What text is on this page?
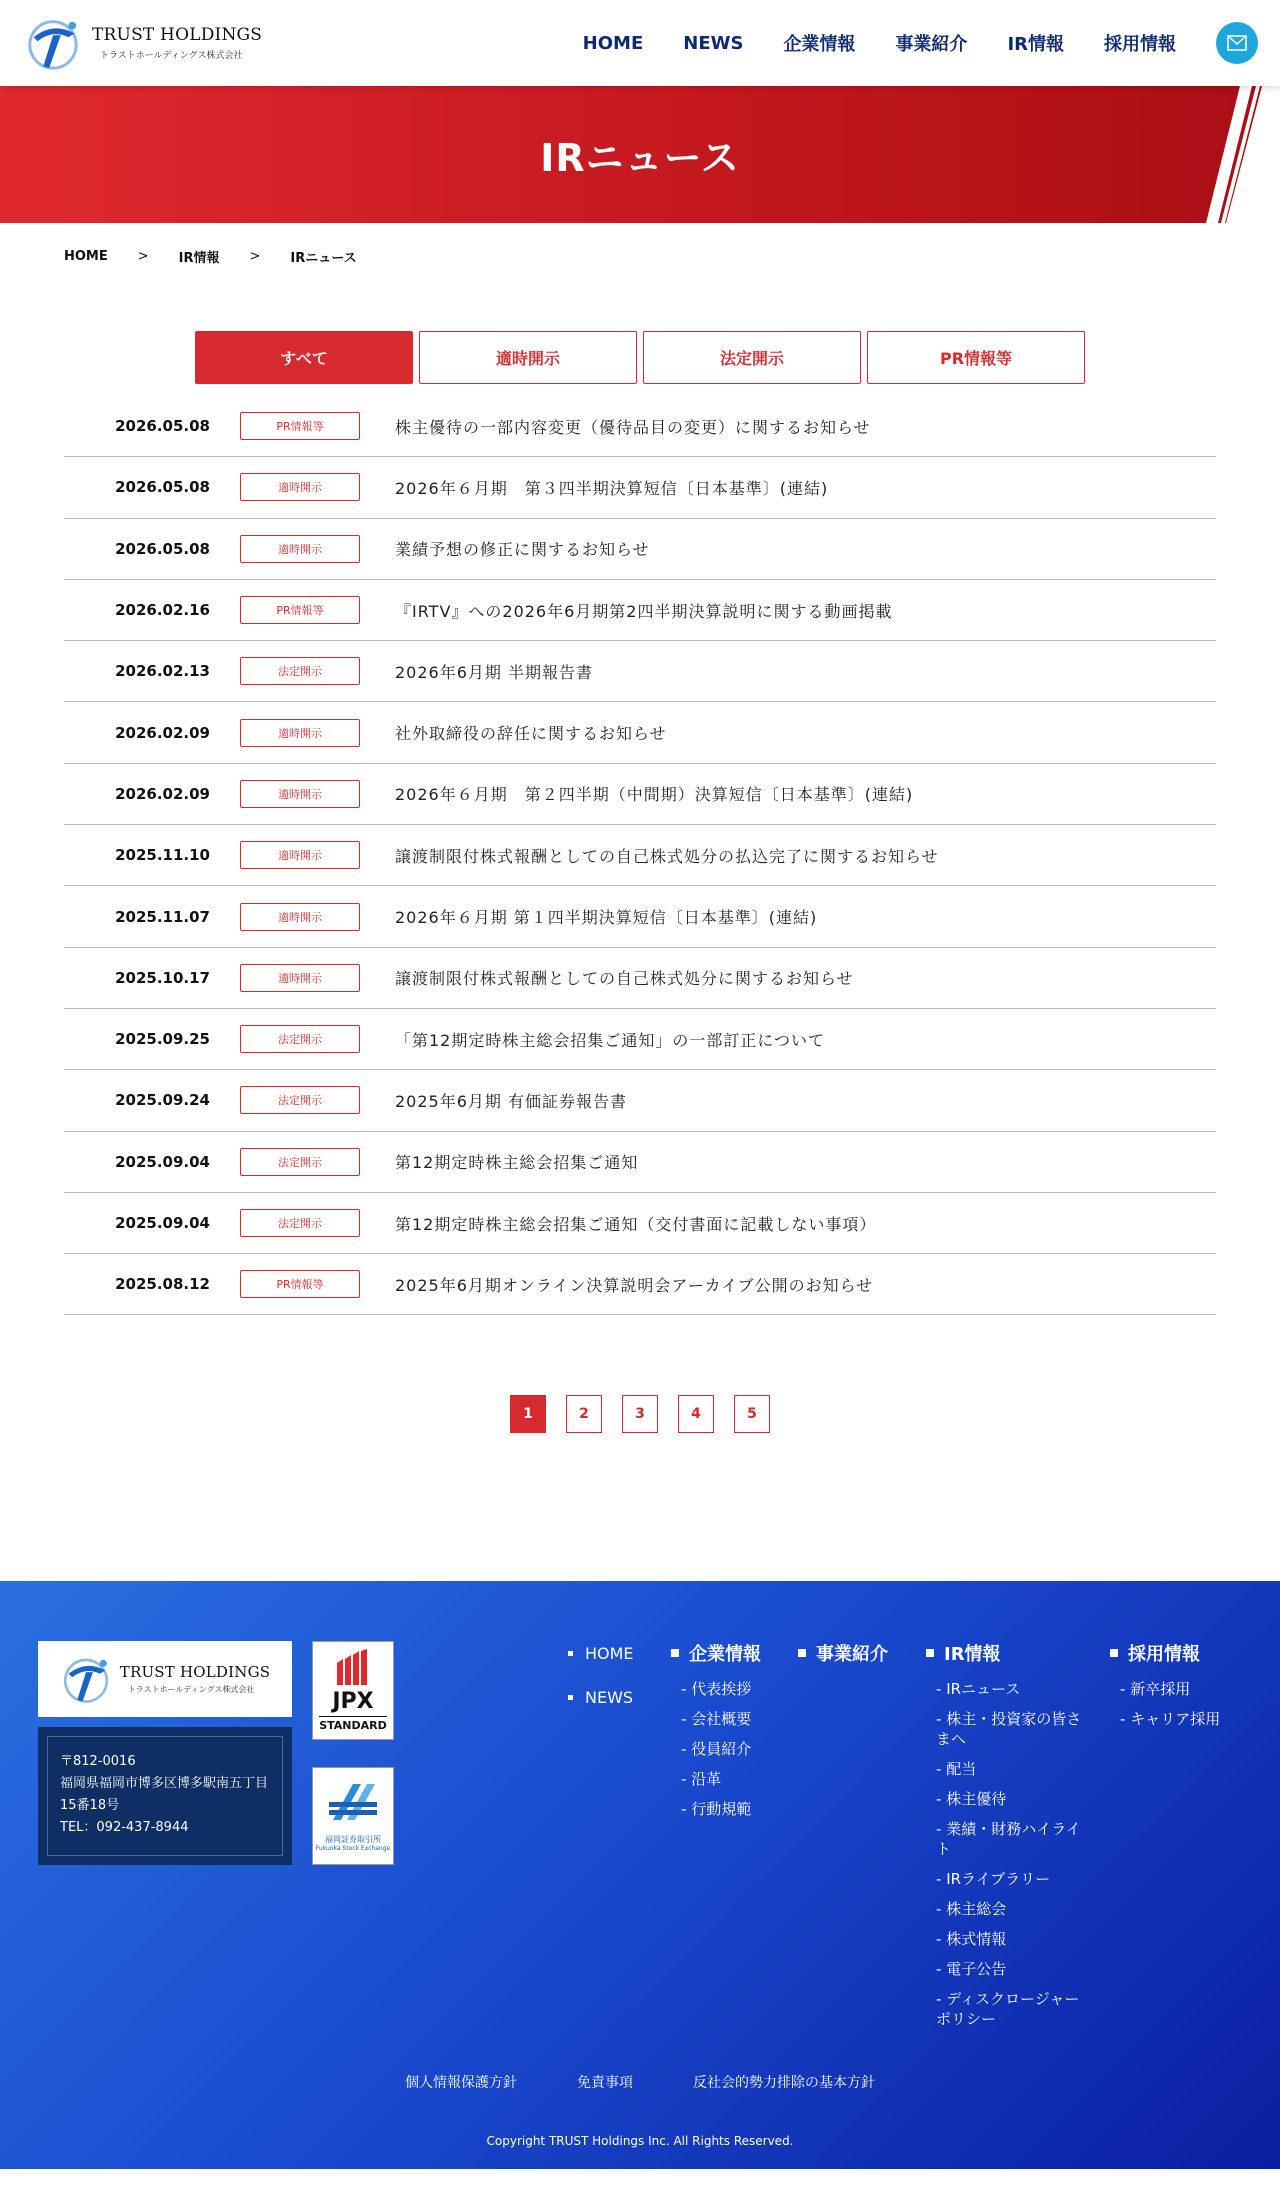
TRUST HOLDINGS
トラストホールディングス株式会社
HOME NEWS 企業情報 事業紹介 IR情報 採用情報
IRニュース
HOME > IR情報 > IRニュース
すべて	適時開示	法定開示	PR情報等
2026.05.08	PR情報等	株主優待の一部内容変更（優待品目の変更）に関するお知らせ
2026.05.08	適時開示	2026年６月期　第３四半期決算短信〔日本基準〕(連結)
2026.05.08	適時開示	業績予想の修正に関するお知らせ
2026.02.16	PR情報等	『IRTV』への2026年6月期第2四半期決算説明に関する動画掲載
2026.02.13	法定開示	2026年6月期 半期報告書
2026.02.09	適時開示	社外取締役の辞任に関するお知らせ
2026.02.09	適時開示	2026年６月期　第２四半期（中間期）決算短信〔日本基準〕(連結)
2025.11.10	適時開示	譲渡制限付株式報酬としての自己株式処分の払込完了に関するお知らせ
2025.11.07	適時開示	2026年６月期 第１四半期決算短信〔日本基準〕(連結)
2025.10.17	適時開示	譲渡制限付株式報酬としての自己株式処分に関するお知らせ
2025.09.25	法定開示	「第12期定時株主総会招集ご通知」の一部訂正について
2025.09.24	法定開示	2025年6月期 有価証券報告書
2025.09.04	法定開示	第12期定時株主総会招集ご通知
2025.09.04	法定開示	第12期定時株主総会招集ご通知（交付書面に記載しない事項）
2025.08.12	PR情報等	2025年6月期オンライン決算説明会アーカイブ公開のお知らせ
1	2	3	4	5
TRUST HOLDINGS
トラストホールディングス株式会社
〒812-0016
福岡県福岡市博多区博多駅南五丁目
15番18号
TEL：092-437-8944
JPX
STANDARD
福岡証券取引所
Fukuoka Stock Exchange
HOME
NEWS
企業情報
- 代表挨拶
- 会社概要
- 役員紹介
- 沿革
- 行動規範
事業紹介	IR情報
- IRニュース
- 株主・投資家の皆さまへ
- 配当
- 株主優待
- 業績・財務ハイライト
- IRライブラリー
- 株主総会
- 株式情報
- 電子公告
- ディスクロージャーポリシー
採用情報
- 新卒採用
- キャリア採用
個人情報保護方針	免責事項	反社会的勢力排除の基本方針
Copyright TRUST Holdings Inc. All Rights Reserved.
